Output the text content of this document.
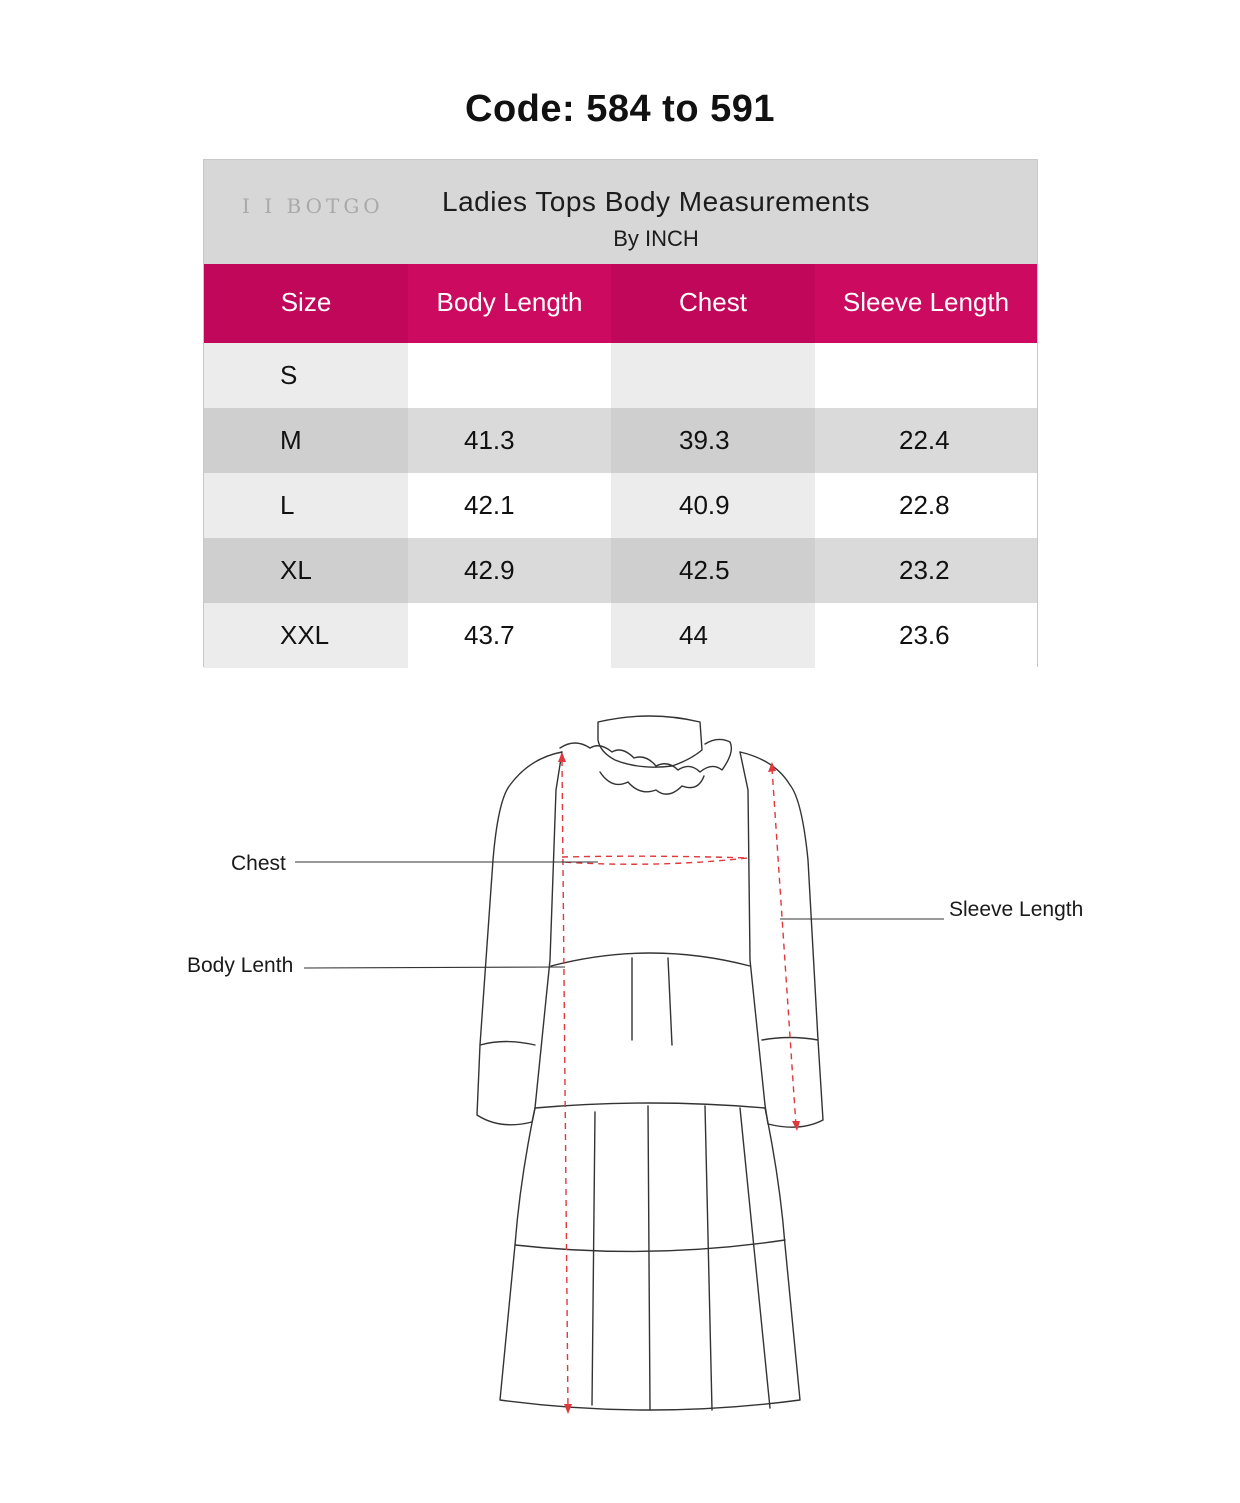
Code: 584 to 591
I I BOTGO	Ladies Tops Body Measurements
By INCH
Size	Body Length	Chest	Sleeve Length
S
M	41.3	39.3	22.4
L	42.1	40.9	22.8
XL	42.9	42.5	23.2
XXL	43.7	44	23.6
Chest
Body Lenth
Sleeve Length
